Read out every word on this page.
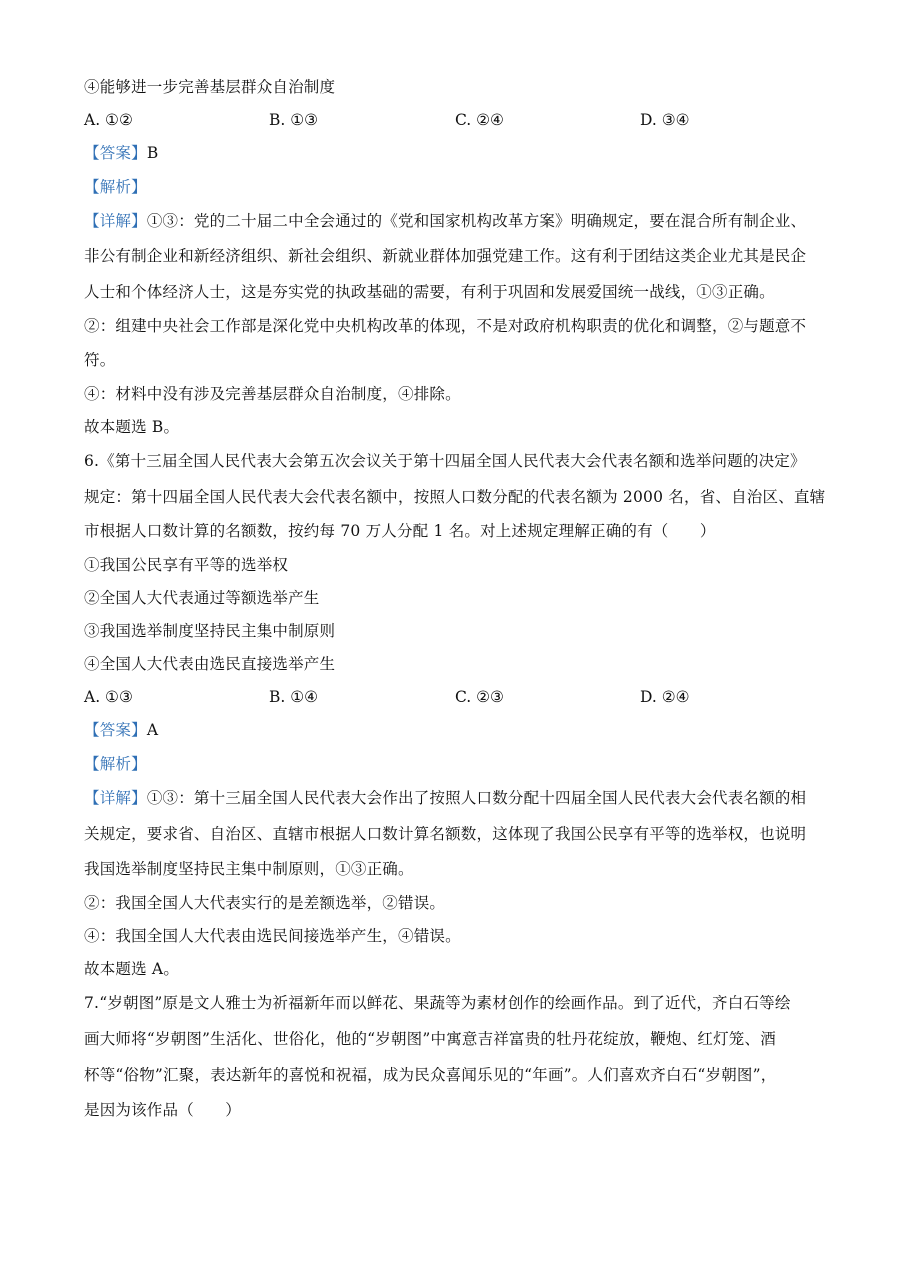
④能够进一步完善基层群众自治制度
A. ①②	B. ①③	C. ②④	D. ③④
【答案】B
【解析】
【详解】①③：党的二十届二中全会通过的《党和国家机构改革方案》明确规定，要在混合所有制企业、
非公有制企业和新经济组织、新社会组织、新就业群体加强党建工作。这有利于团结这类企业尤其是民企
人士和个体经济人士，这是夯实党的执政基础的需要，有利于巩固和发展爱国统一战线，①③正确。
②：组建中央社会工作部是深化党中央机构改革的体现，不是对政府机构职责的优化和调整，②与题意不
符。
④：材料中没有涉及完善基层群众自治制度，④排除。
故本题选 B。
6.《第十三届全国人民代表大会第五次会议关于第十四届全国人民代表大会代表名额和选举问题的决定》
规定：第十四届全国人民代表大会代表名额中，按照人口数分配的代表名额为 2000 名，省、自治区、直辖
市根据人口数计算的名额数，按约每 70 万人分配 1 名。对上述规定理解正确的有（　　）
①我国公民享有平等的选举权
②全国人大代表通过等额选举产生
③我国选举制度坚持民主集中制原则
④全国人大代表由选民直接选举产生
A. ①③	B. ①④	C. ②③	D. ②④
【答案】A
【解析】
【详解】①③：第十三届全国人民代表大会作出了按照人口数分配十四届全国人民代表大会代表名额的相
关规定，要求省、自治区、直辖市根据人口数计算名额数，这体现了我国公民享有平等的选举权，也说明
我国选举制度坚持民主集中制原则，①③正确。
②：我国全国人大代表实行的是差额选举，②错误。
④：我国全国人大代表由选民间接选举产生，④错误。
故本题选 A。
7.“岁朝图”原是文人雅士为祈福新年而以鲜花、果蔬等为素材创作的绘画作品。到了近代，齐白石等绘
画大师将“岁朝图”生活化、世俗化，他的“岁朝图”中寓意吉祥富贵的牡丹花绽放，鞭炮、红灯笼、酒
杯等“俗物”汇聚，表达新年的喜悦和祝福，成为民众喜闻乐见的“年画”。人们喜欢齐白石“岁朝图”，
是因为该作品（　　）
